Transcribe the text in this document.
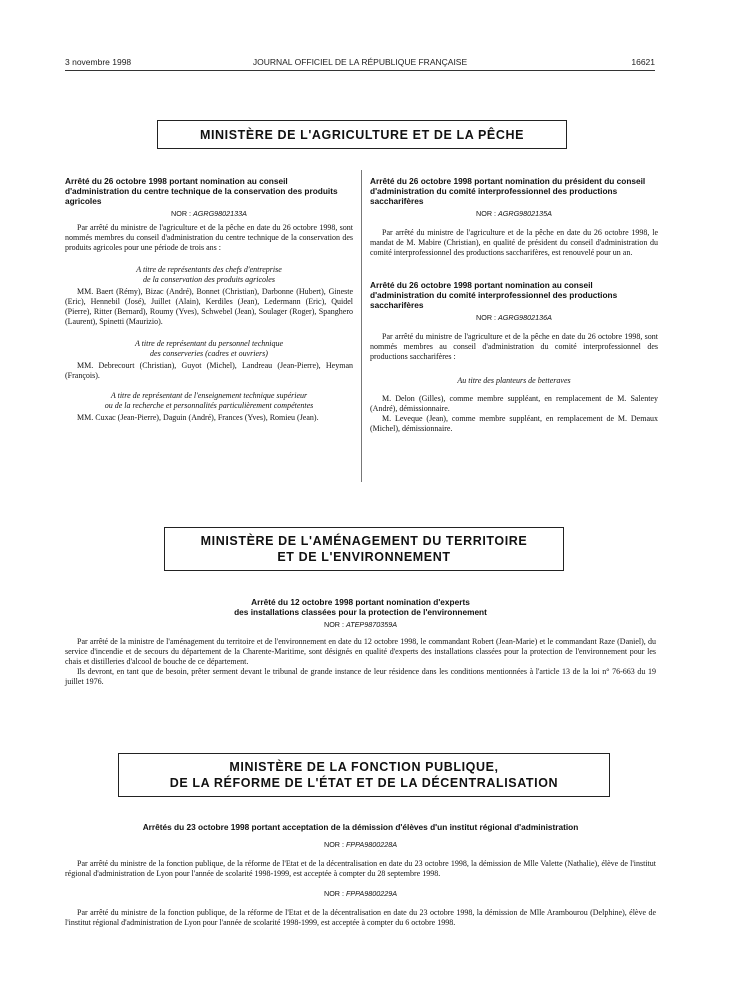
3 novembre 1998	JOURNAL OFFICIEL DE LA RÉPUBLIQUE FRANÇAISE	16621
MINISTÈRE DE L'AGRICULTURE ET DE LA PÊCHE

Arrêté du 26 octobre 1998 portant nomination au conseil d'administration du centre technique de la conservation des produits agricoles

NOR : AGRG9802133A

Par arrêté du ministre de l'agriculture et de la pêche en date du 26 octobre 1998, sont nommés membres du conseil d'administration du centre technique de la conservation des produits agricoles pour une période de trois ans :

A titre de représentants des chefs d'entreprise
de la conservation des produits agricoles

MM. Baert (Rémy), Bizac (André), Bonnet (Christian), Darbonne (Hubert), Gineste (Eric), Hennebil (José), Juillet (Alain), Kerdiles (Jean), Ledermann (Eric), Quidel (Pierre), Ritter (Bernard), Roumy (Yves), Schwebel (Jean), Soulager (Roger), Spanghero (Laurent), Spinetti (Maurizio).

A titre de représentant du personnel technique
des conserveries (cadres et ouvriers)

MM. Debrecourt (Christian), Guyot (Michel), Landreau (Jean-Pierre), Heyman (François).

A titre de représentant de l'enseignement technique supérieur
ou de la recherche et personnalités particulièrement compétentes

MM. Cuxac (Jean-Pierre), Daguin (André), Frances (Yves), Romieu (Jean).

Arrêté du 26 octobre 1998 portant nomination du président du conseil d'administration du comité interprofessionnel des productions saccharifères

NOR : AGRG9802135A

Par arrêté du ministre de l'agriculture et de la pêche en date du 26 octobre 1998, le mandat de M. Mabire (Christian), en qualité de président du conseil d'administration du comité interprofessionnel des productions saccharifères, est renouvelé pour un an.

Arrêté du 26 octobre 1998 portant nomination au conseil d'administration du comité interprofessionnel des productions saccharifères

NOR : AGRG9802136A

Par arrêté du ministre de l'agriculture et de la pêche en date du 26 octobre 1998, sont nommés membres au conseil d'administration du comité interprofessionnel des productions saccharifères :

Au titre des planteurs de betteraves

M. Delon (Gilles), comme membre suppléant, en remplacement de M. Salentey (André), démissionnaire.

M. Leveque (Jean), comme membre suppléant, en remplacement de M. Demaux (Michel), démissionnaire.

MINISTÈRE DE L'AMÉNAGEMENT DU TERRITOIRE
ET DE L'ENVIRONNEMENT

Arrêté du 12 octobre 1998 portant nomination d'experts

des installations classées pour la protection de l'environnement

NOR : ATEP9870359A

Par arrêté de la ministre de l'aménagement du territoire et de l'environnement en date du 12 octobre 1998, le commandant Robert (Jean-Marie) et le commandant Raze (Daniel), du service d'incendie et de secours du département de la Charente-Maritime, sont désignés en qualité d'experts des installations classées pour la protection de l'environnement pour les chais et distilleries d'alcool de bouche de ce département.

Ils devront, en tant que de besoin, prêter serment devant le tribunal de grande instance de leur résidence dans les conditions mentionnées à l'article 13 de la loi n° 76-663 du 19 juillet 1976.

MINISTÈRE DE LA FONCTION PUBLIQUE,
DE LA RÉFORME DE L'ÉTAT ET DE LA DÉCENTRALISATION

Arrêtés du 23 octobre 1998 portant acceptation de la démission d'élèves d'un institut régional d'administration

NOR : FPPA9800228A

Par arrêté du ministre de la fonction publique, de la réforme de l'Etat et de la décentralisation en date du 23 octobre 1998, la démission de Mlle Valette (Nathalie), élève de l'institut régional d'administration de Lyon pour l'année de scolarité 1998-1999, est acceptée à compter du 28 septembre 1998.

NOR : FPPA9800229A

Par arrêté du ministre de la fonction publique, de la réforme de l'Etat et de la décentralisation en date du 23 octobre 1998, la démission de Mlle Arambourou (Delphine), élève de l'institut régional d'administration de Lyon pour l'année de scolarité 1998-1999, est acceptée à compter du 6 octobre 1998.
